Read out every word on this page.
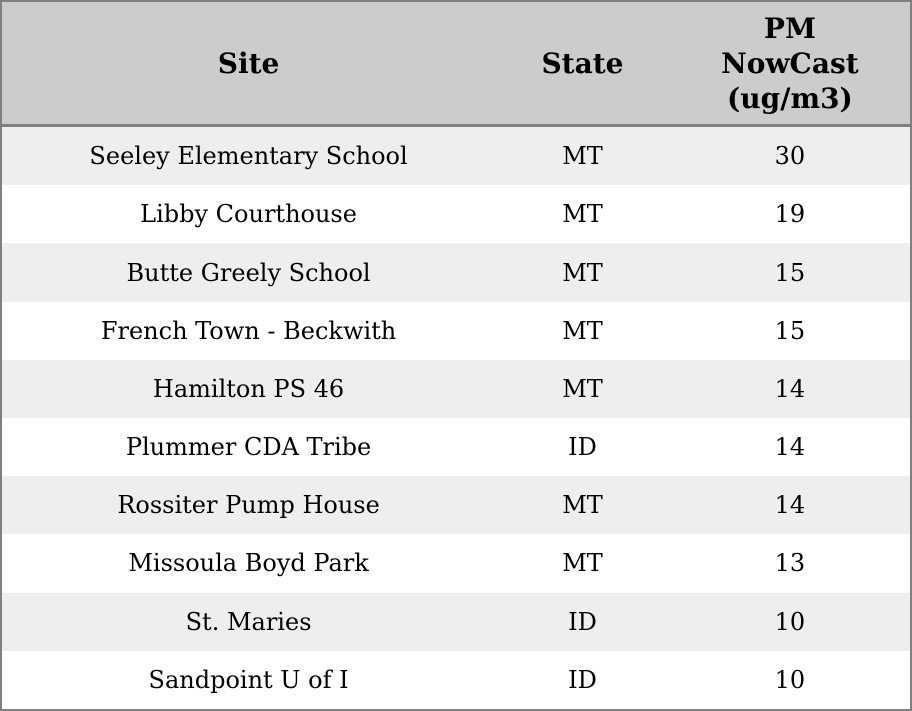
Site	State	PM NowCast (ug/m3)
Seeley Elementary School	MT	30
Libby Courthouse	MT	19
Butte Greely School	MT	15
French Town - Beckwith	MT	15
Hamilton PS 46	MT	14
Plummer CDA Tribe	ID	14
Rossiter Pump House	MT	14
Missoula Boyd Park	MT	13
St. Maries	ID	10
Sandpoint U of I	ID	10
